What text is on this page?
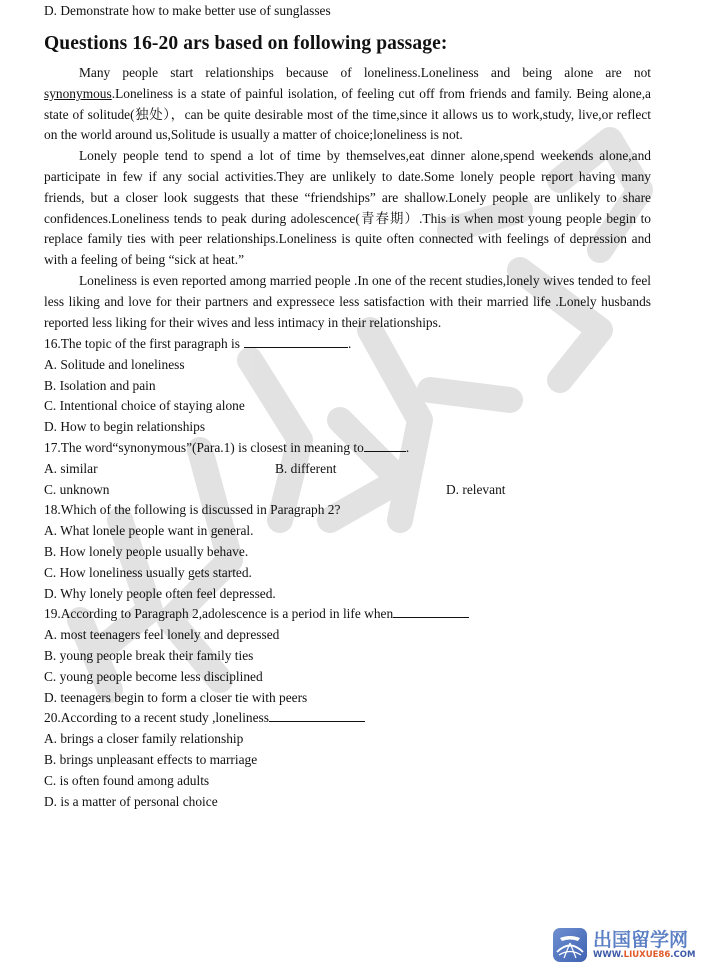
D. Demonstrate how to make better use of sunglasses
Questions 16-20 ars based on following passage:

Many people start relationships because of loneliness.Loneliness and being alone are not synonymous.Loneliness is a state of painful isolation, of feeling cut off from friends and family. Being alone,a state of solitude(独处），can be quite desirable most of the time,since it allows us to work,study, live,or reflect on the world around us,Solitude is usually a matter of choice;loneliness is not.

Lonely people tend to spend a lot of time by themselves,eat dinner alone,spend weekends alone,and participate in few if any social activities.They are unlikely to date.Some lonely people report having many friends, but a closer look suggests that these “friendships” are shallow.Lonely people are unlikely to share confidences.Loneliness tends to peak during adolescence(青春期）.This is when most young people begin to replace family ties with peer relationships.Loneliness is quite often connected with feelings of depression and with a feeling of being “sick at heat.”

Loneliness is even reported among married people .In one of the recent studies,lonely wives tended to feel less liking and love for their partners and expressece less satisfaction with their married life .Lonely husbands reported less liking for their wives and less intimacy in their relationships.

16.The topic of the first paragraph is	.
A. Solitude and loneliness
B. Isolation and pain
C. Intentional choice of staying alone
D. How to begin relationships
17.The word“synonymous”(Para.1) is closest in meaning to	.
A. similar	B. different
C. unknown	D. relevant
18.Which of the following is discussed in Paragraph 2?
A. What lonele people want in general.
B. How lonely people usually behave.
C. How loneliness usually gets started.
D. Why lonely people often feel depressed.
19.According to Paragraph 2,adolescence is a period in life when
A. most teenagers feel lonely and depressed
B. young people break their family ties
C. young people become less disciplined
D. teenagers begin to form a closer tie with peers
20.According to a recent study ,loneliness
A. brings a closer family relationship
B. brings unpleasant effects to marriage
C. is often found among adults
D. is a matter of personal choice
出国留学网
WWW.LIUXUE86.COM
